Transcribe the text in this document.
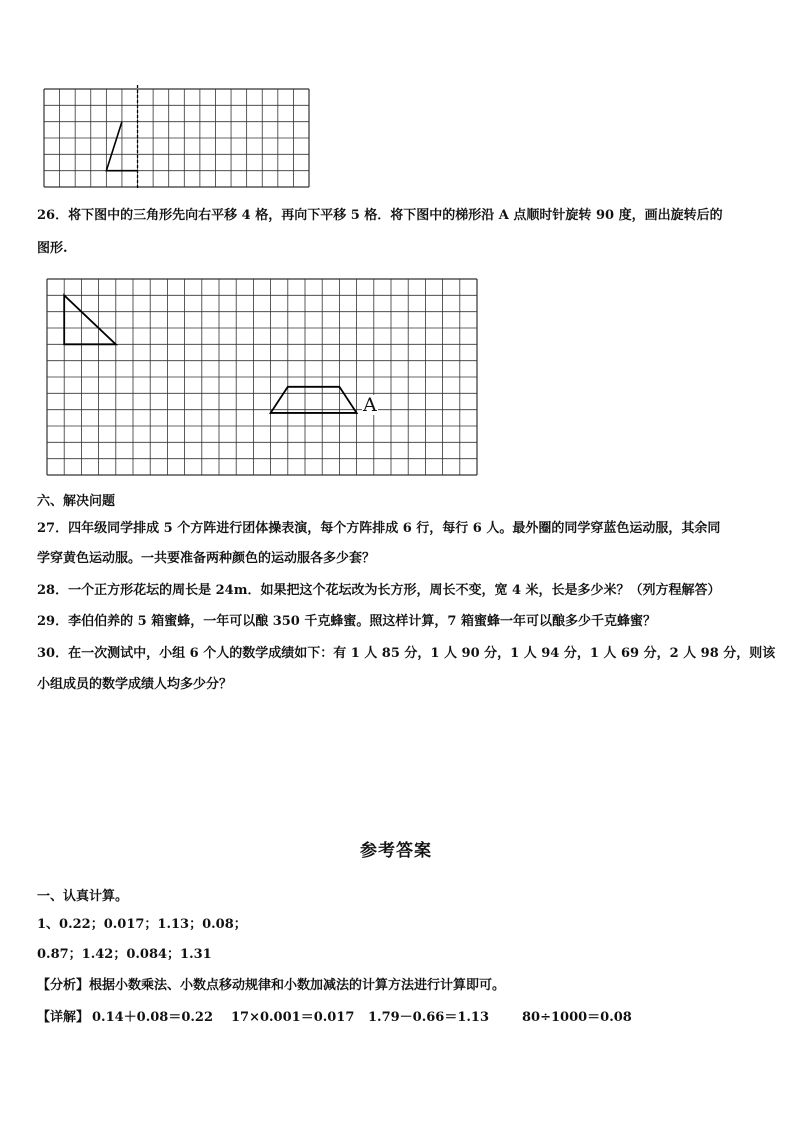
26．将下图中的三角形先向右平移 4 格，再向下平移 5 格．将下图中的梯形沿 A 点顺时针旋转 90 度，画出旋转后的
图形.
A
六、解决问题
27．四年级同学排成 5 个方阵进行团体操表演，每个方阵排成 6 行，每行 6 人。最外圈的同学穿蓝色运动服，其余同
学穿黄色运动服。一共要准备两种颜色的运动服各多少套？
28．一个正方形花坛的周长是 24m．如果把这个花坛改为长方形，周长不变，宽 4 米，长是多少米？（列方程解答）
29．李伯伯养的 5 箱蜜蜂，一年可以酿 350 千克蜂蜜。照这样计算，7 箱蜜蜂一年可以酿多少千克蜂蜜？
30．在一次测试中，小组 6 个人的数学成绩如下：有 1 人 85 分，1 人 90 分，1 人 94 分，1 人 69 分，2 人 98 分，则该
小组成员的数学成绩人均多少分？
参考答案
一、认真计算。
1、0.22；0.017；1.13；0.08；
0.87；1.42；0.084；1.31
【分析】根据小数乘法、小数点移动规律和小数加减法的计算方法进行计算即可。
【详解】 0.14＋0.08＝0.22 17×0.001＝0.017 1.79－0.66＝1.13	80÷1000＝0.08
